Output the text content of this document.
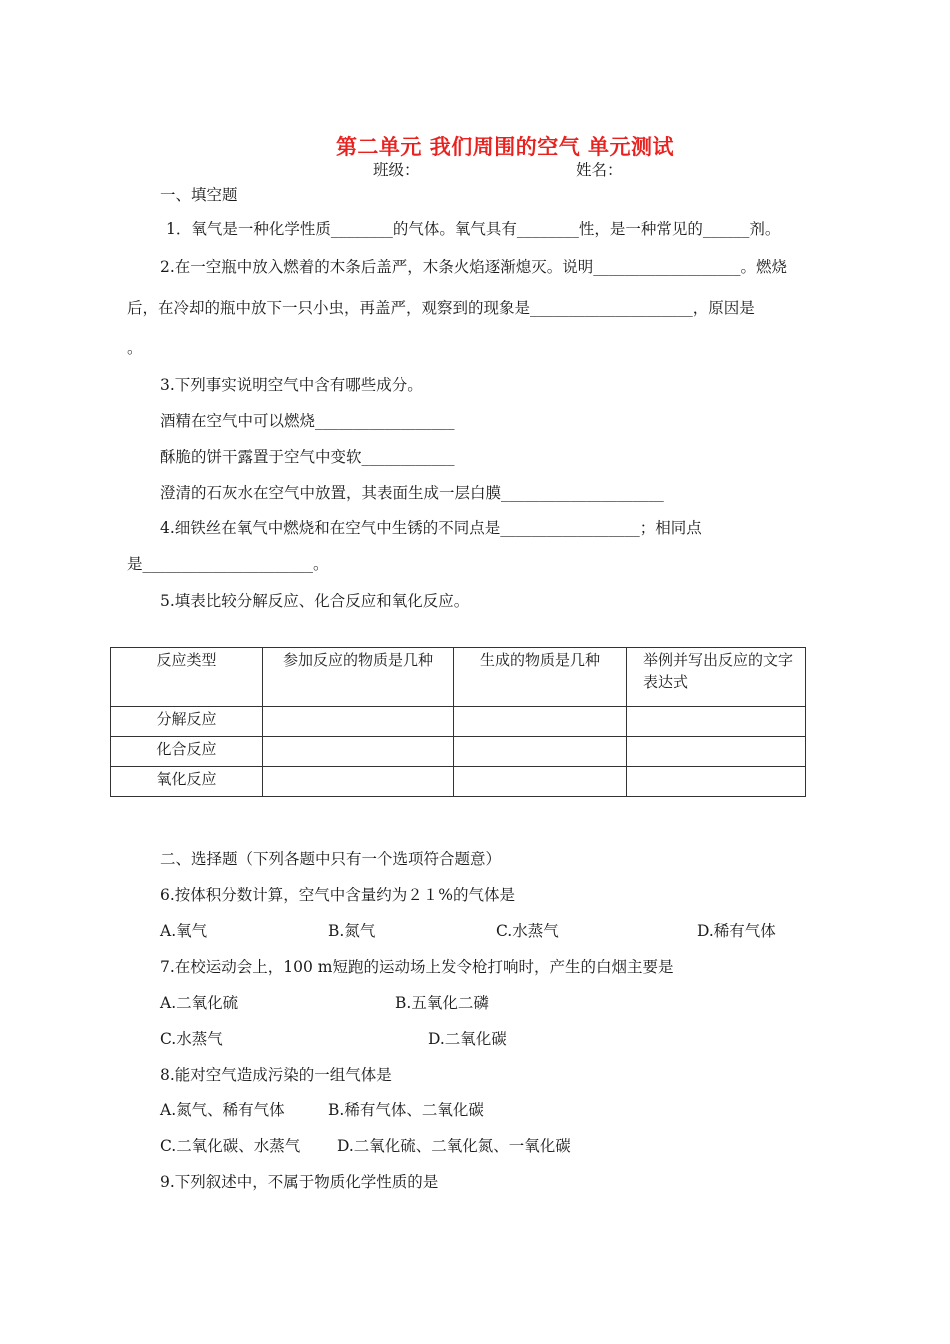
第二单元 我们周围的空气 单元测试
班级：	姓名：
一、填空题
1．氧气是一种化学性质________的气体。氧气具有________性，是一种常见的______剂。
2.在一空瓶中放入燃着的木条后盖严，木条火焰逐渐熄灭。说明___________________。燃烧
后，在冷却的瓶中放下一只小虫，再盖严，观察到的现象是_____________________，原因是
。
3.下列事实说明空气中含有哪些成分。
酒精在空气中可以燃烧__________________
酥脆的饼干露置于空气中变软____________
澄清的石灰水在空气中放置，其表面生成一层白膜_____________________
4.细铁丝在氧气中燃烧和在空气中生锈的不同点是__________________；相同点
是______________________。
5.填表比较分解反应、化合反应和氧化反应。
反应类型	参加反应的物质是几种	生成的物质是几种	举例并写出反应的文字表达式

分解反应			

化合反应			

氧化反应			

二、选择题（下列各题中只有一个选项符合题意）
6.按体积分数计算，空气中含量约为２１%的气体是
A.氧气	B.氮气	C.水蒸气	D.稀有气体
7.在校运动会上，100 m短跑的运动场上发令枪打响时，产生的白烟主要是
A.二氧化硫	B.五氧化二磷
C.水蒸气	D.二氧化碳
8.能对空气造成污染的一组气体是
A.氮气、稀有气体	B.稀有气体、二氧化碳
C.二氧化碳、水蒸气 D.二氧化硫、二氧化氮、一氧化碳
9.下列叙述中，不属于物质化学性质的是
